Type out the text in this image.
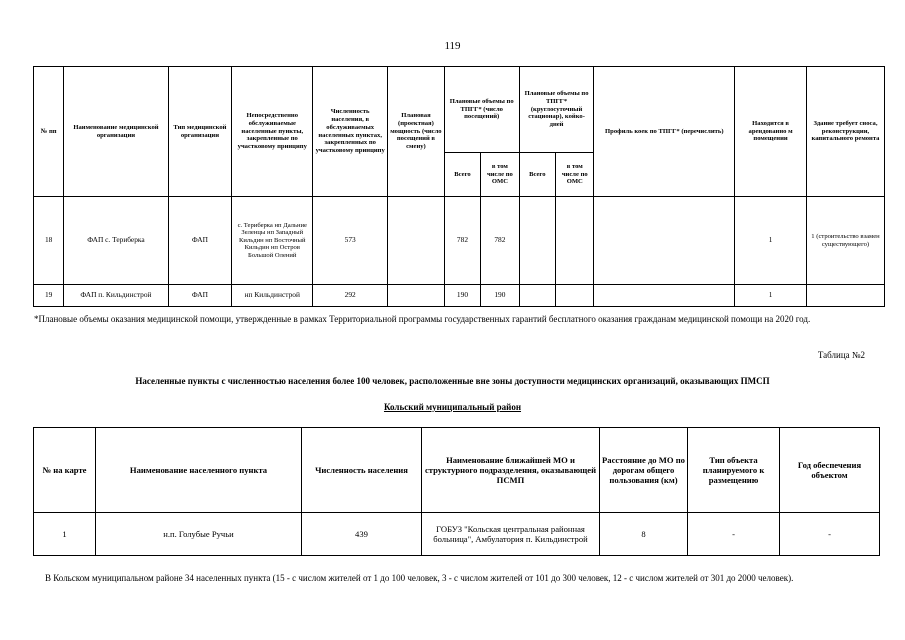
119
№ пп	Наименование медицинской организации	Тип медицинской организации	Непосредственно обслуживаемые населенные пункты, закрепленные по участковому принципу	Численность населения, в обслуживаемых населенных пунктах, закрепленных по участковому принципу	Плановая (проектная) мощность (число посещений в смену)	Плановые объемы по ТПГГ* (число посещений)		Плановые объемы по ТПГГ* (круглосуточный стационар), койко-дней		Профиль коек по ТПГГ* (перечислить)	Находится в арендованно м помещении	Здание требует сноса, реконструкции, капитального ремонта
						Всего	в том числе по ОМС	Всего	в том числе по ОМС			
18	ФАП с. Териберка	ФАП	с. Териберка нп Дальние Зеленцы нп Западный Кильдин нп Восточный Кильдин нп Остров Большой Олений	573		782	782				1	1 (строительство взамен существующего)
19	ФАП п. Кильдинстрой	ФАП	нп Кильдинстрой	292		190	190				1	
*Плановые объемы оказания медицинской помощи, утвержденные в рамках Территориальной программы государственных гарантий бесплатного оказания гражданам медицинской помощи на 2020 год.
Таблица №2
Населенные пункты с численностью населения более 100 человек, расположенные вне зоны доступности медицинских организаций, оказывающих ПМСП
Кольский муниципальный район
№ на карте	Наименование населенного пункта	Численность населения	Наименование ближайшей МО и структурного подразделения, оказывающей ПСМП	Расстояние до МО по дорогам общего пользования (км)	Тип объекта планируемого к размещению	Год обеспечения объектом
1	н.п. Голубые Ручьи	439	ГОБУЗ "Кольская центральная районная больница", Амбулатория п. Кильдинстрой	8	-	-
В Кольском муниципальном районе 34 населенных пункта (15 - с числом жителей от 1 до 100 человек, 3 - с числом жителей от 101 до 300 человек, 12 - с числом жителей от 301 до 2000 человек).
